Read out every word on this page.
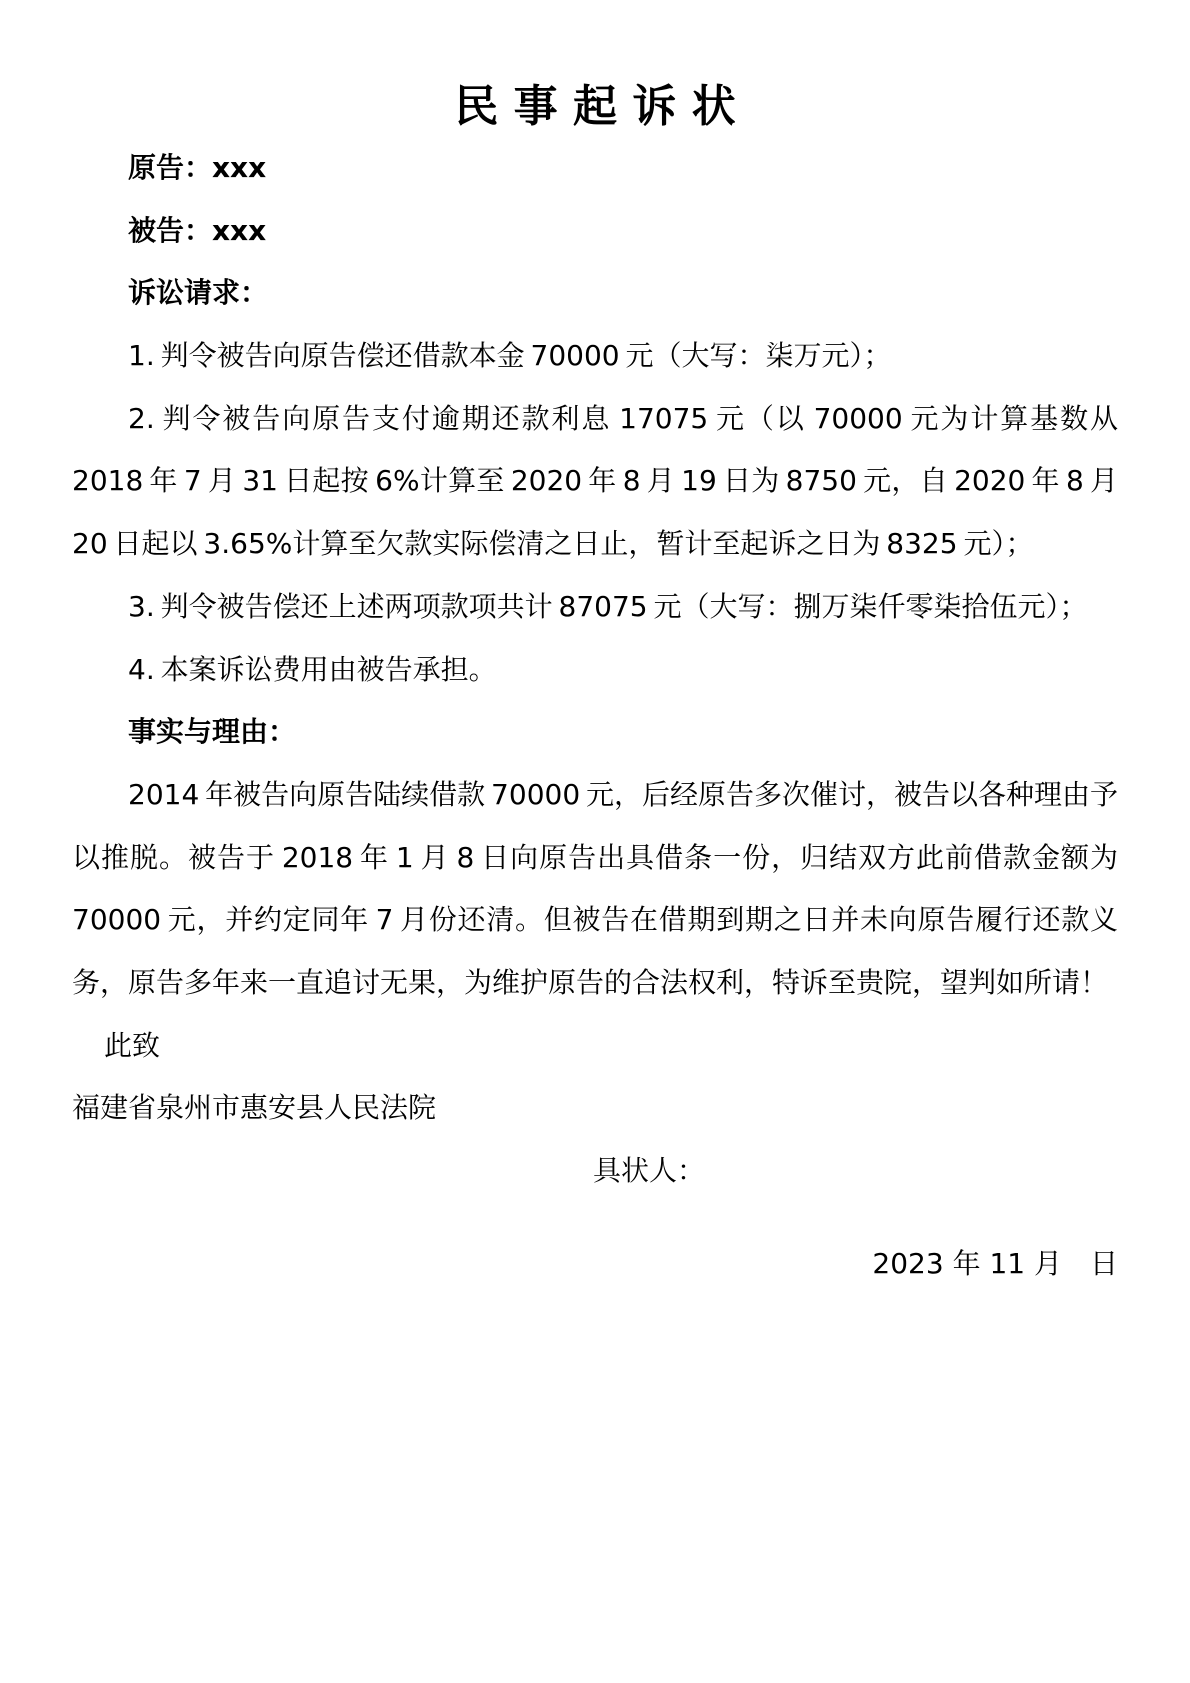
民 事 起 诉 状
原告：xxx
被告：xxx
诉讼请求：
1. 判令被告向原告偿还借款本金 70000 元（大写：柒万元）；
2. 判令被告向原告支付逾期还款利息 17075 元（以 70000 元为计算基数从
2018 年 7 月 31 日起按 6%计算至 2020 年 8 月 19 日为 8750 元，自 2020 年 8 月
20 日起以 3.65%计算至欠款实际偿清之日止，暂计至起诉之日为 8325 元）；
3. 判令被告偿还上述两项款项共计 87075 元（大写：捌万柒仟零柒拾伍元）；
4. 本案诉讼费用由被告承担。
事实与理由：
2014 年被告向原告陆续借款 70000 元，后经原告多次催讨，被告以各种理由予
以推脱。被告于 2018 年 1 月 8 日向原告出具借条一份，归结双方此前借款金额为
70000 元，并约定同年 7 月份还清。但被告在借期到期之日并未向原告履行还款义
务，原告多年来一直追讨无果，为维护原告的合法权利，特诉至贵院，望判如所请！
此致
福建省泉州市惠安县人民法院
具状人：
2023 年 11 月　日
